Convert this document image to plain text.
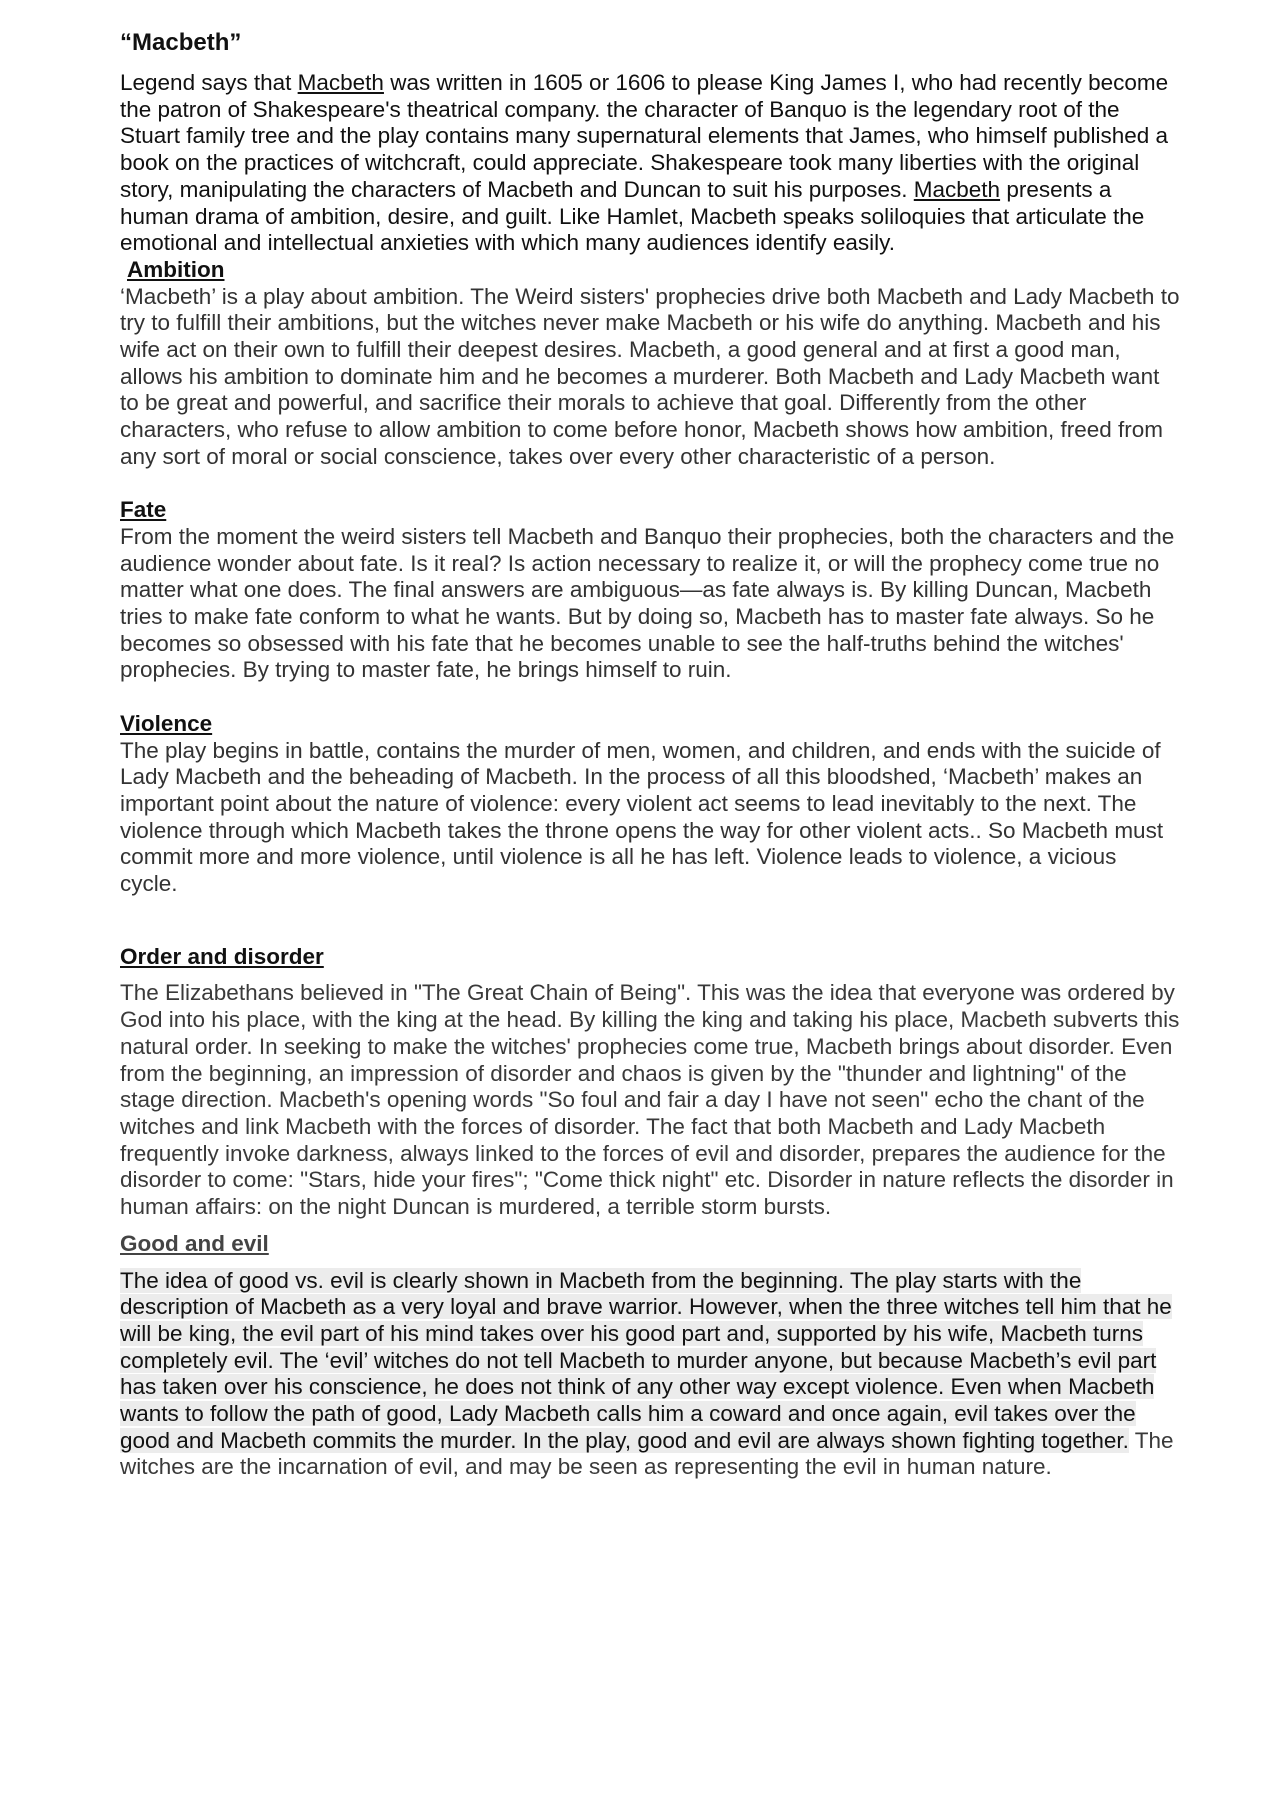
“Macbeth”

Legend says that Macbeth was written in 1605 or 1606 to please King James I, who had recently become the patron of Shakespeare's theatrical company. the character of Banquo is the legendary root of the Stuart family tree and the play contains many supernatural elements that James, who himself published a book on the practices of witchcraft, could appreciate. Shakespeare took many liberties with the original story, manipulating the characters of Macbeth and Duncan to suit his purposes. Macbeth presents a human drama of ambition, desire, and guilt. Like Hamlet, Macbeth speaks soliloquies that articulate the emotional and intellectual anxieties with which many audiences identify easily.

Ambition

‘Macbeth’ is a play about ambition. The Weird sisters' prophecies drive both Macbeth and Lady Macbeth to try to fulfill their ambitions, but the witches never make Macbeth or his wife do anything. Macbeth and his wife act on their own to fulfill their deepest desires. Macbeth, a good general and at first a good man, allows his ambition to dominate him and he becomes a murderer. Both Macbeth and Lady Macbeth want to be great and powerful, and sacrifice their morals to achieve that goal. Differently from the other characters, who refuse to allow ambition to come before honor, Macbeth shows how ambition, freed from any sort of moral or social conscience, takes over every other characteristic of a person.

Fate

From the moment the weird sisters tell Macbeth and Banquo their prophecies, both the characters and the audience wonder about fate. Is it real? Is action necessary to realize it, or will the prophecy come true no matter what one does. The final answers are ambiguous—as fate always is. By killing Duncan, Macbeth tries to make fate conform to what he wants. But by doing so, Macbeth has to master fate always. So he becomes so obsessed with his fate that he becomes unable to see the half-truths behind the witches' prophecies. By trying to master fate, he brings himself to ruin.

Violence

The play begins in battle, contains the murder of men, women, and children, and ends with the suicide of Lady Macbeth and the beheading of Macbeth. In the process of all this bloodshed, ‘Macbeth’ makes an important point about the nature of violence: every violent act seems to lead inevitably to the next. The violence through which Macbeth takes the throne opens the way for other violent acts.. So Macbeth must commit more and more violence, until violence is all he has left. Violence leads to violence, a vicious cycle.

Order and disorder

The Elizabethans believed in "The Great Chain of Being". This was the idea that everyone was ordered by God into his place, with the king at the head. By killing the king and taking his place, Macbeth subverts this natural order. In seeking to make the witches' prophecies come true, Macbeth brings about disorder. Even from the beginning, an impression of disorder and chaos is given by the "thunder and lightning" of the stage direction. Macbeth's opening words "So foul and fair a day I have not seen" echo the chant of the witches and link Macbeth with the forces of disorder. The fact that both Macbeth and Lady Macbeth frequently invoke darkness, always linked to the forces of evil and disorder, prepares the audience for the disorder to come: "Stars, hide your fires"; "Come thick night" etc. Disorder in nature reflects the disorder in human affairs: on the night Duncan is murdered, a terrible storm bursts.

Good and evil

The idea of good vs. evil is clearly shown in Macbeth from the beginning. The play starts with the description of Macbeth as a very loyal and brave warrior. However, when the three witches tell him that he will be king, the evil part of his mind takes over his good part and, supported by his wife, Macbeth turns completely evil. The ‘evil’ witches do not tell Macbeth to murder anyone, but because Macbeth’s evil part has taken over his conscience, he does not think of any other way except violence. Even when Macbeth wants to follow the path of good, Lady Macbeth calls him a coward and once again, evil takes over the good and Macbeth commits the murder. In the play, good and evil are always shown fighting together. The witches are the incarnation of evil, and may be seen as representing the evil in human nature.
